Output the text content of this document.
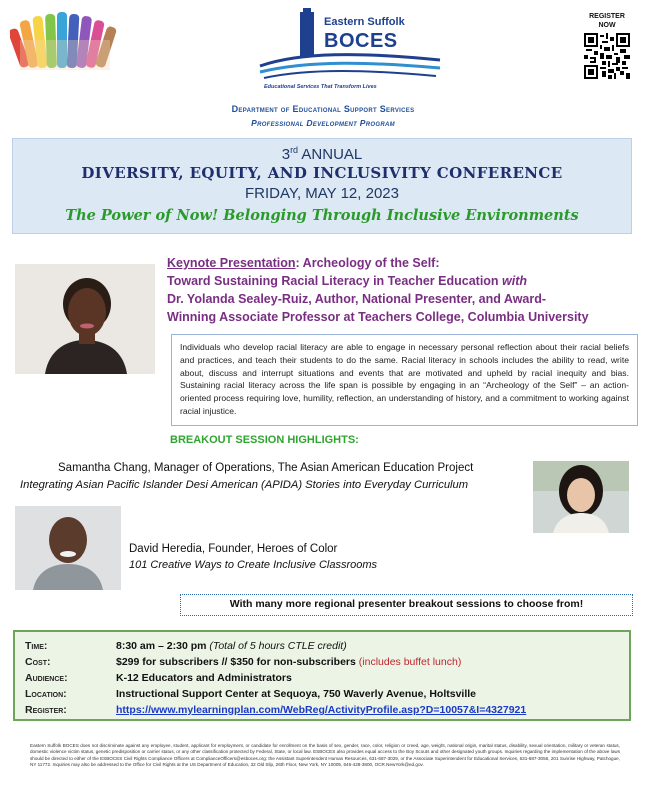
Eastern Suffolk
BOCES
Educational Services That Transform Lives
REGISTER NOW
Department of Educational Support Services
Professional Development Program
3rd ANNUAL
DIVERSITY, EQUITY, AND INCLUSIVITY CONFERENCE
FRIDAY, MAY 12, 2023
The Power of Now! Belonging Through Inclusive Environments
Keynote Presentation: Archeology of the Self:
Toward Sustaining Racial Literacy in Teacher Education with
Dr. Yolanda Sealey-Ruiz, Author, National Presenter, and Award-
Winning Associate Professor at Teachers College, Columbia University
Individuals who develop racial literacy are able to engage in necessary personal reflection about their racial beliefs and practices, and teach their students to do the same. Racial literacy in schools includes the ability to read, write about, discuss and interrupt situations and events that are motivated and upheld by racial inequity and bias. Sustaining racial literacy across the life span is possible by engaging in an “Archeology of the Self” – an action-oriented process requiring love, humility, reflection, an understanding of history, and a commitment to working against racial injustice.
BREAKOUT SESSION HIGHLIGHTS:
Samantha Chang, Manager of Operations, The Asian American Education Project
Integrating Asian Pacific Islander Desi American (APIDA) Stories into Everyday Curriculum
David Heredia, Founder, Heroes of Color
101 Creative Ways to Create Inclusive Classrooms
With many more regional presenter breakout sessions to choose from!
Time:	8:30 am – 2:30 pm (Total of 5 hours CTLE credit)
Cost:	$299 for subscribers // $350 for non-subscribers (includes buffet lunch)
Audience:	K-12 Educators and Administrators
Location:	Instructional Support Center at Sequoya, 750 Waverly Avenue, Holtsville
Register:	https://www.mylearningplan.com/WebReg/ActivityProfile.asp?D=10057&I=4327921
Eastern Suffolk BOCES does not discriminate against any employee, student, applicant for employment, or candidate for enrollment on the basis of sex, gender, race, color, religion or creed, age, weight, national origin, marital status, disability, sexual orientation, military or veteran status, domestic violence victim status, genetic predisposition or carrier status, or any other classification protected by Federal, State, or local law. ESBOCES also provides equal access to the Boy Scouts and other designated youth groups. Inquiries regarding the implementation of the above laws should be directed to either of the ESBOCES Civil Rights Compliance Officers at ComplianceOfficers@esboces.org: the Assistant Superintendent Human Resources, 631-687-3029, or the Associate Superintendent for Educational Services, 631-687-3056, 201 Sunrise Highway, Patchogue, NY 11772. Inquiries may also be addressed to the Office for Civil Rights at the US Department of Education, 32 Old Slip, 26th Floor, New York, NY 10005, 646-428-3800, OCR.NewYork@ed.gov.
